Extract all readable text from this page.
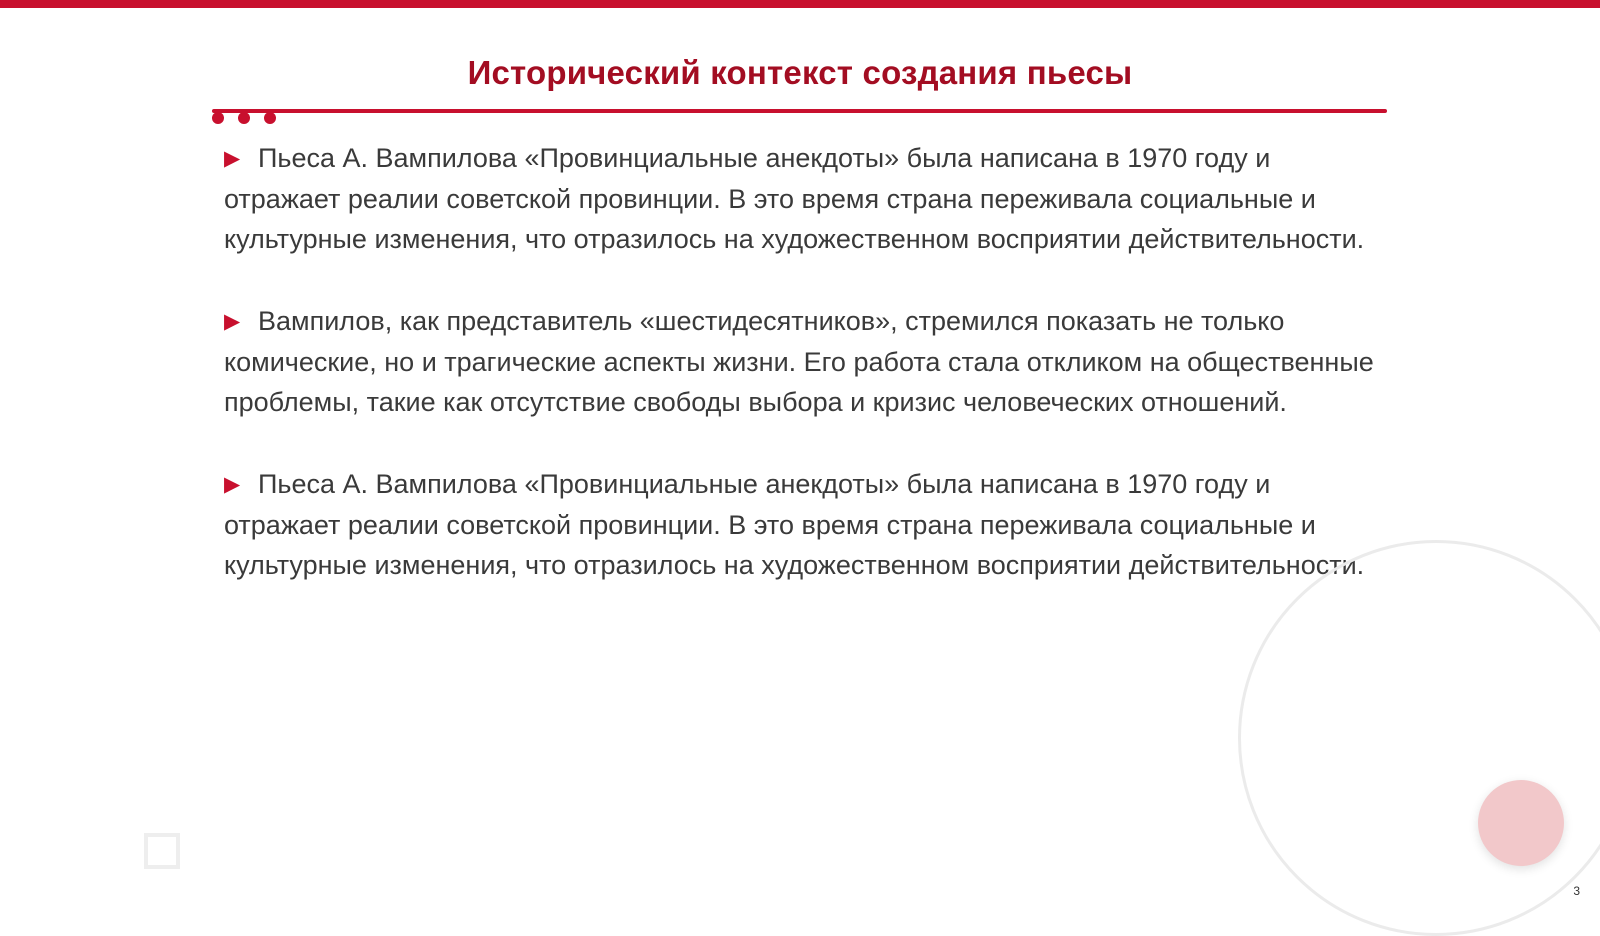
Исторический контекст создания пьесы
▶ Пьеса А. Вампилова «Провинциальные анекдоты» была написана в 1970 году и отражает реалии советской провинции. В это время страна переживала социальные и культурные изменения, что отразилось на художественном восприятии действительности.
▶ Вампилов, как представитель «шестидесятников», стремился показать не только комические, но и трагические аспекты жизни. Его работа стала откликом на общественные проблемы, такие как отсутствие свободы выбора и кризис человеческих отношений.
▶ Пьеса А. Вампилова «Провинциальные анекдоты» была написана в 1970 году и отражает реалии советской провинции. В это время страна переживала социальные и культурные изменения, что отразилось на художественном восприятии действительности.
3
